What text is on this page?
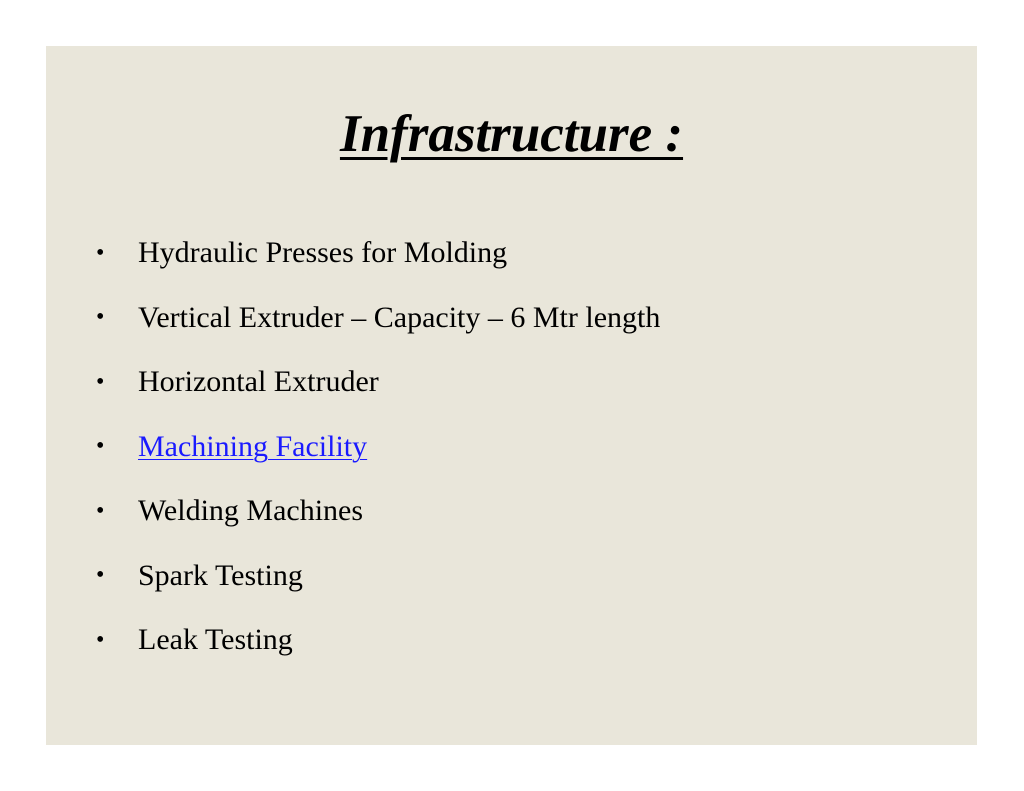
Infrastructure :
•	Hydraulic Presses for Molding
•	Vertical Extruder – Capacity – 6 Mtr length
•	Horizontal Extruder
•	Machining Facility
•	Welding Machines
•	Spark Testing
•	Leak Testing
